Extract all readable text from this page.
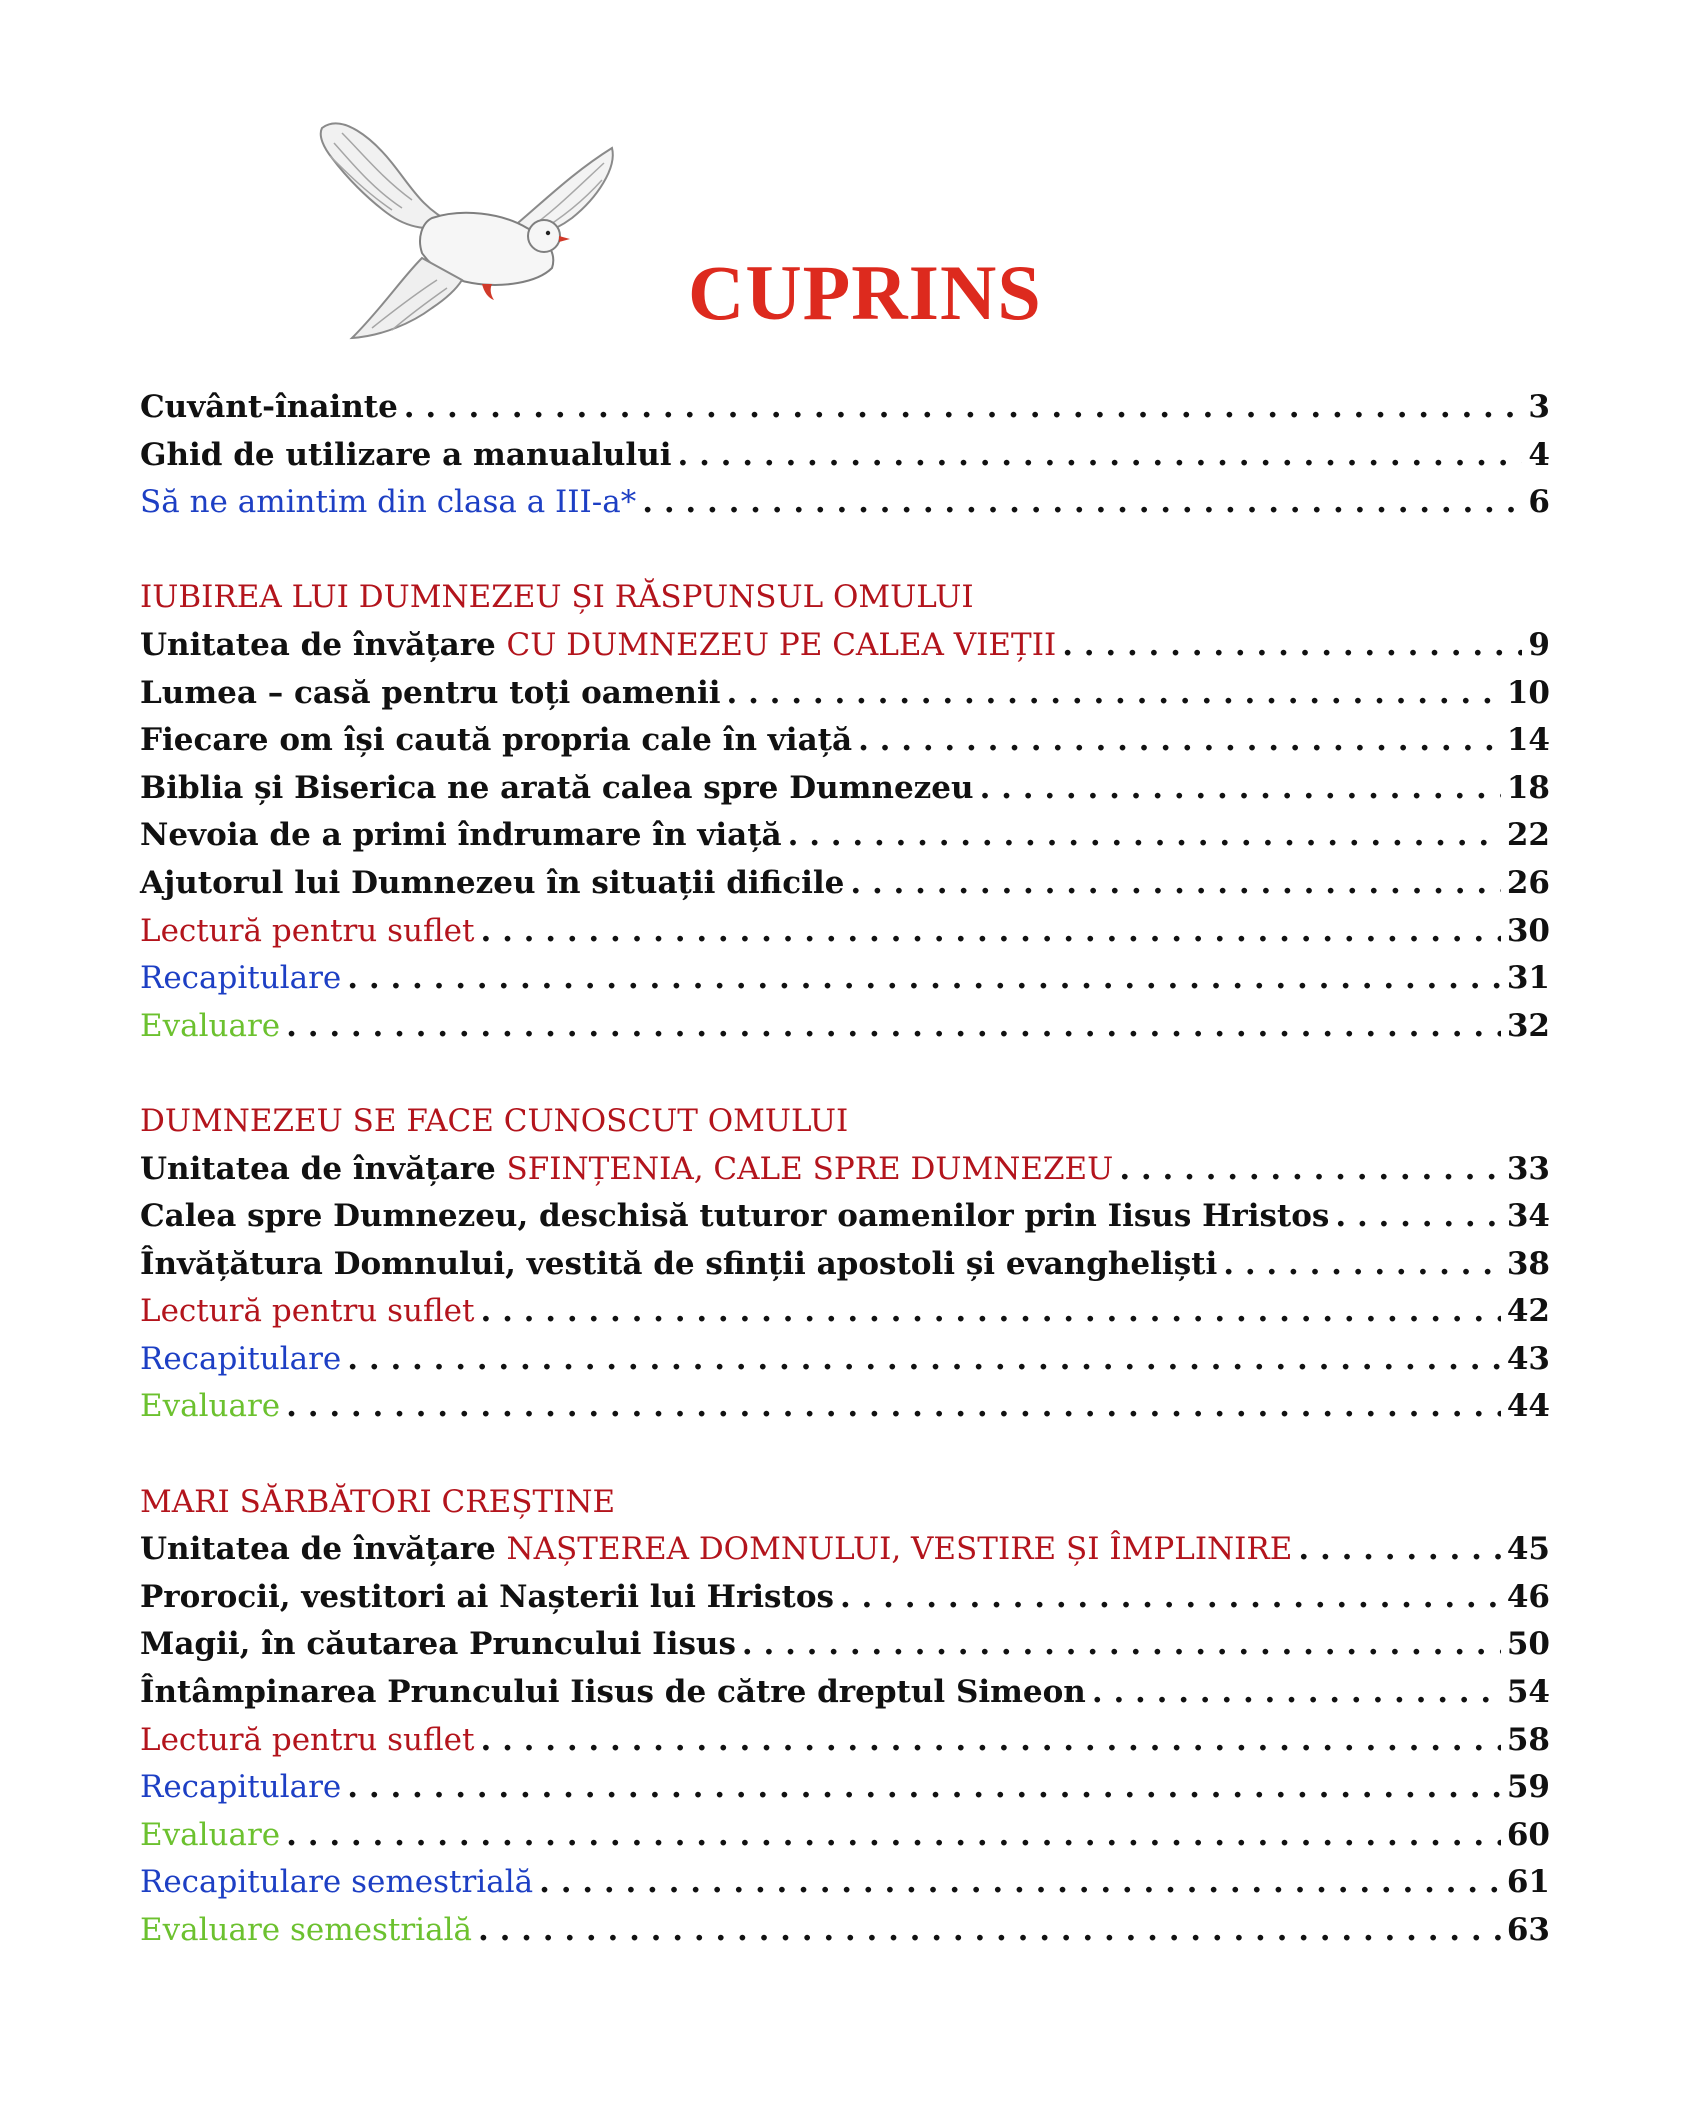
CUPRINS
Cuvânt-înainte . . .	3
Ghid de utilizare a manualului . . .	4
Să ne amintim din clasa a III-a* . . .	6
IUBIREA LUI DUMNEZEU ȘI RĂSPUNSUL OMULUI
Unitatea de învățare CU DUMNEZEU PE CALEA VIEȚII . . .	9
Lumea – casă pentru toți oamenii . . .	10
Fiecare om își caută propria cale în viață . . .	14
Biblia și Biserica ne arată calea spre Dumnezeu . . .	18
Nevoia de a primi îndrumare în viață . . .	22
Ajutorul lui Dumnezeu în situații dificile . . .	26
Lectură pentru suflet . . .	30
Recapitulare . . .	31
Evaluare . . .	32
DUMNEZEU SE FACE CUNOSCUT OMULUI
Unitatea de învățare SFINȚENIA, CALE SPRE DUMNEZEU . . .	33
Calea spre Dumnezeu, deschisă tuturor oamenilor prin Iisus Hristos . . .	34
Învățătura Domnului, vestită de sfinții apostoli și evangheliști . . .	38
Lectură pentru suflet . . .	42
Recapitulare . . .	43
Evaluare . . .	44
MARI SĂRBĂTORI CREȘTINE
Unitatea de învățare NAȘTEREA DOMNULUI, VESTIRE ȘI ÎMPLINIRE . . .	45
Prorocii, vestitori ai Nașterii lui Hristos . . .	46
Magii, în căutarea Pruncului Iisus . . .	50
Întâmpinarea Pruncului Iisus de către dreptul Simeon . . .	54
Lectură pentru suflet . . .	58
Recapitulare . . .	59
Evaluare . . .	60
Recapitulare semestrială . . .	61
Evaluare semestrială . . .	63
